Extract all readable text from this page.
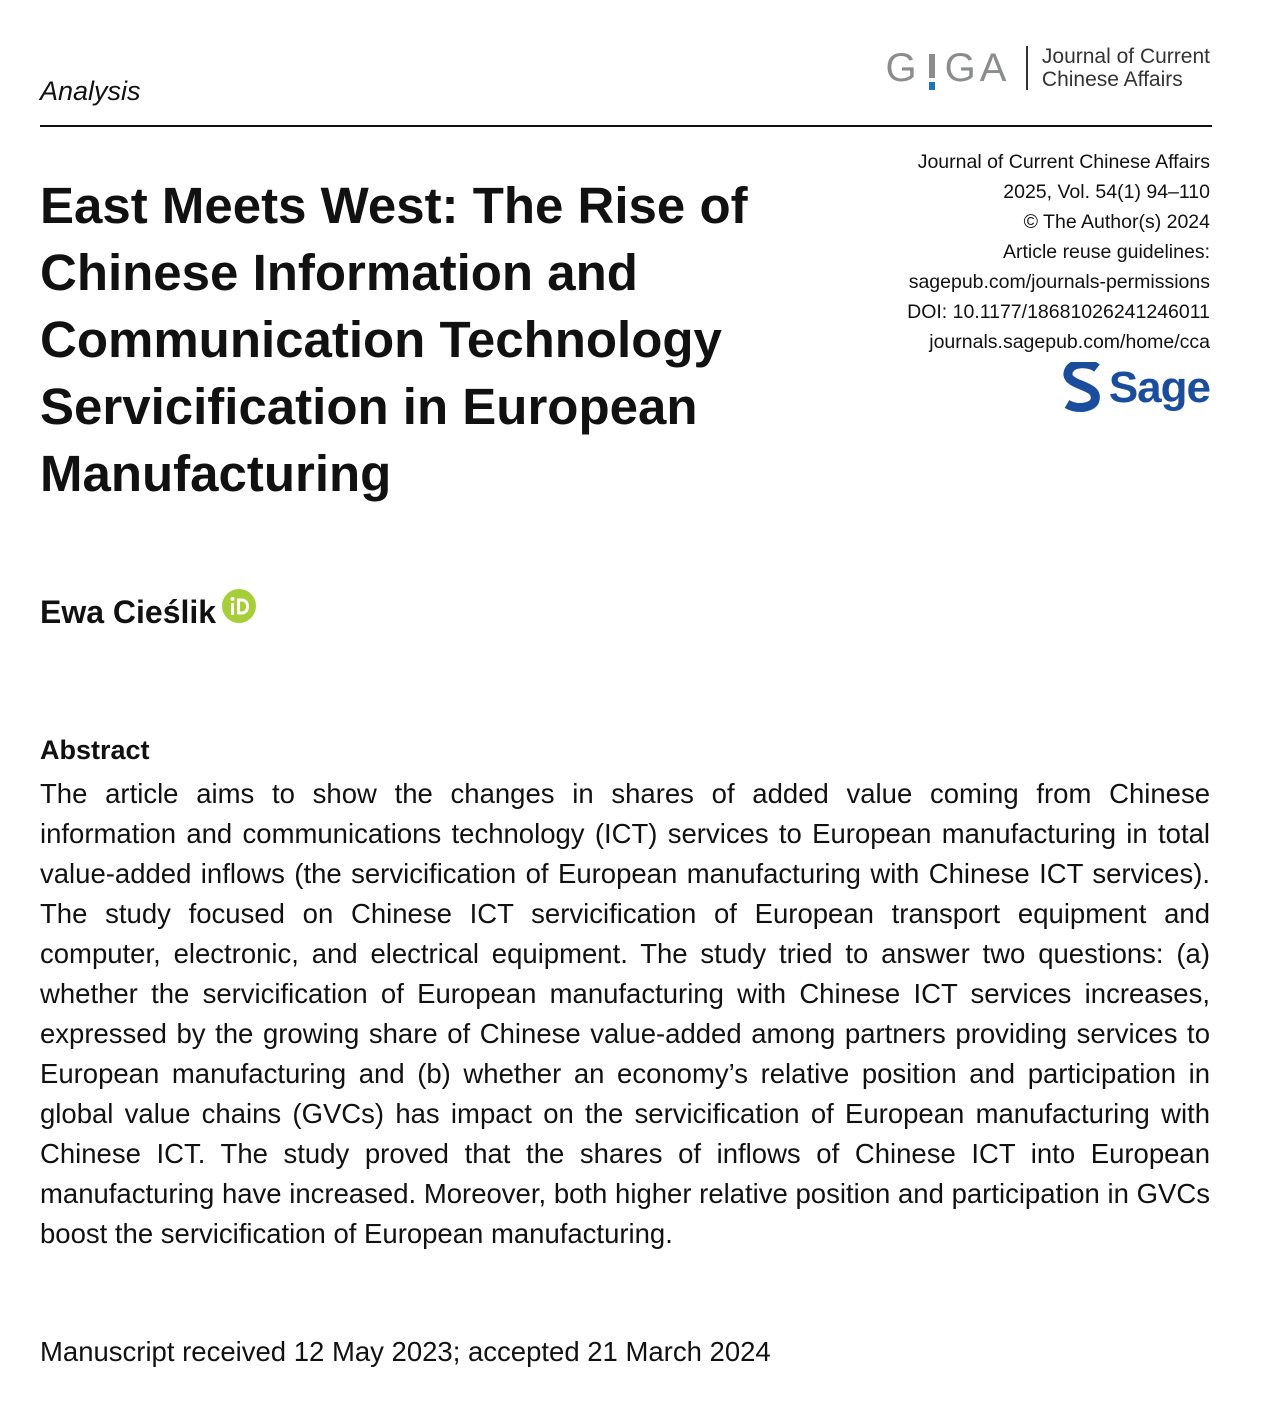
Analysis
G G A Journal of Current
Chinese Affairs
East Meets West: The Rise of Chinese Information and Communication Technology Servicification in European Manufacturing
Journal of Current Chinese Affairs
2025, Vol. 54(1) 94–110
© The Author(s) 2024
Article reuse guidelines:
sagepub.com/journals-permissions
DOI: 10.1177/18681026241246011
journals.sagepub.com/home/cca
Sage
Ewa Cieślik
Abstract

The article aims to show the changes in shares of added value coming from Chinese information and communications technology (ICT) services to European manufacturing in total value-added inflows (the servicification of European manufacturing with Chinese ICT services). The study focused on Chinese ICT servicification of European transport equipment and computer, electronic, and electrical equipment. The study tried to answer two questions: (a) whether the servicification of European manufacturing with Chinese ICT services increases, expressed by the growing share of Chinese value-added among partners providing services to European manufacturing and (b) whether an economy’s relative position and participation in global value chains (GVCs) has impact on the servicification of European manufacturing with Chinese ICT. The study proved that the shares of inflows of Chinese ICT into European manufacturing have increased. Moreover, both higher relative position and participation in GVCs boost the servicification of European manufacturing.

Manuscript received 12 May 2023; accepted 21 March 2024
